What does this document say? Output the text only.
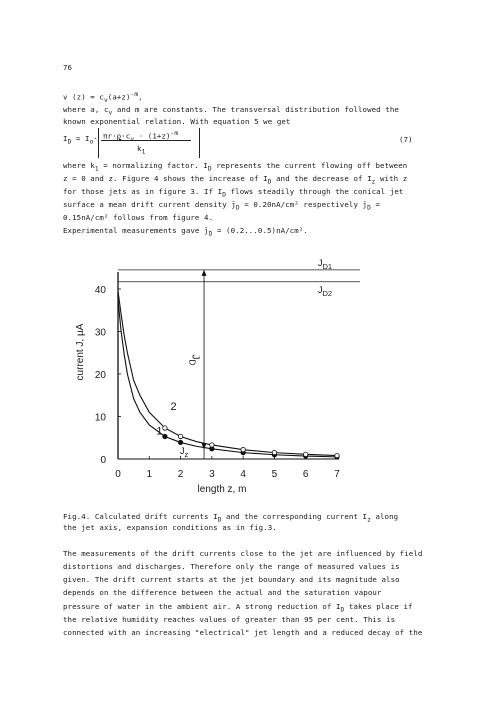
76
v $(z) = c_v(a+z)^{-m}$,
where a, $c_v$ and m are constants. The transversal distribution followed the
known exponential relation. With equation 5 we get
$I_D = I_o\cdot \pi r\cdot\rho\cdot c_v \cdot (1+z)^{-m}$
$k_1$
(7)
where $k_1$ = normalizing factor. $I_D$ represents the current flowing off between
z = 0 and z. Figure 4 shows the increase of $I_D$ and the decrease of $I_z$ with z
for those jets as in figure 3. If $I_D$ flows steadily through the conical jet
surface a mean drift current density $j̄_D = 0.20nA/cm^2$ respectively $j̄_D$ =
0.15nA/cm² follows from figure 4.
Experimental measurements gave $j̄_D = (0.2...0.5)nA/cm^2$.
0	1	2	3	4	5	6	7
0
10
20
30
40
length z, m
current J, µA
$J_{D1}$
$J_{D2}$
1
2
$J_D$
$J_z$
Fig.4. Calculated drift currents $I_D$ and the corresponding current $I_z$ along
the jet axis, expansion conditions as in fig.3.
The measurements of the drift currents close to the jet are influenced by field
distortions and discharges. Therefore only the range of measured values is
given. The drift current starts at the jet boundary and its magnitude also
depends on the difference between the actual and the saturation vapour
pressure of water in the ambient air. A strong reduction of $I_D$ takes place if
the relative humidity reaches values of greater than 95 per cent. This is
connected with an increasing "electrical" jet length and a reduced decay of the
